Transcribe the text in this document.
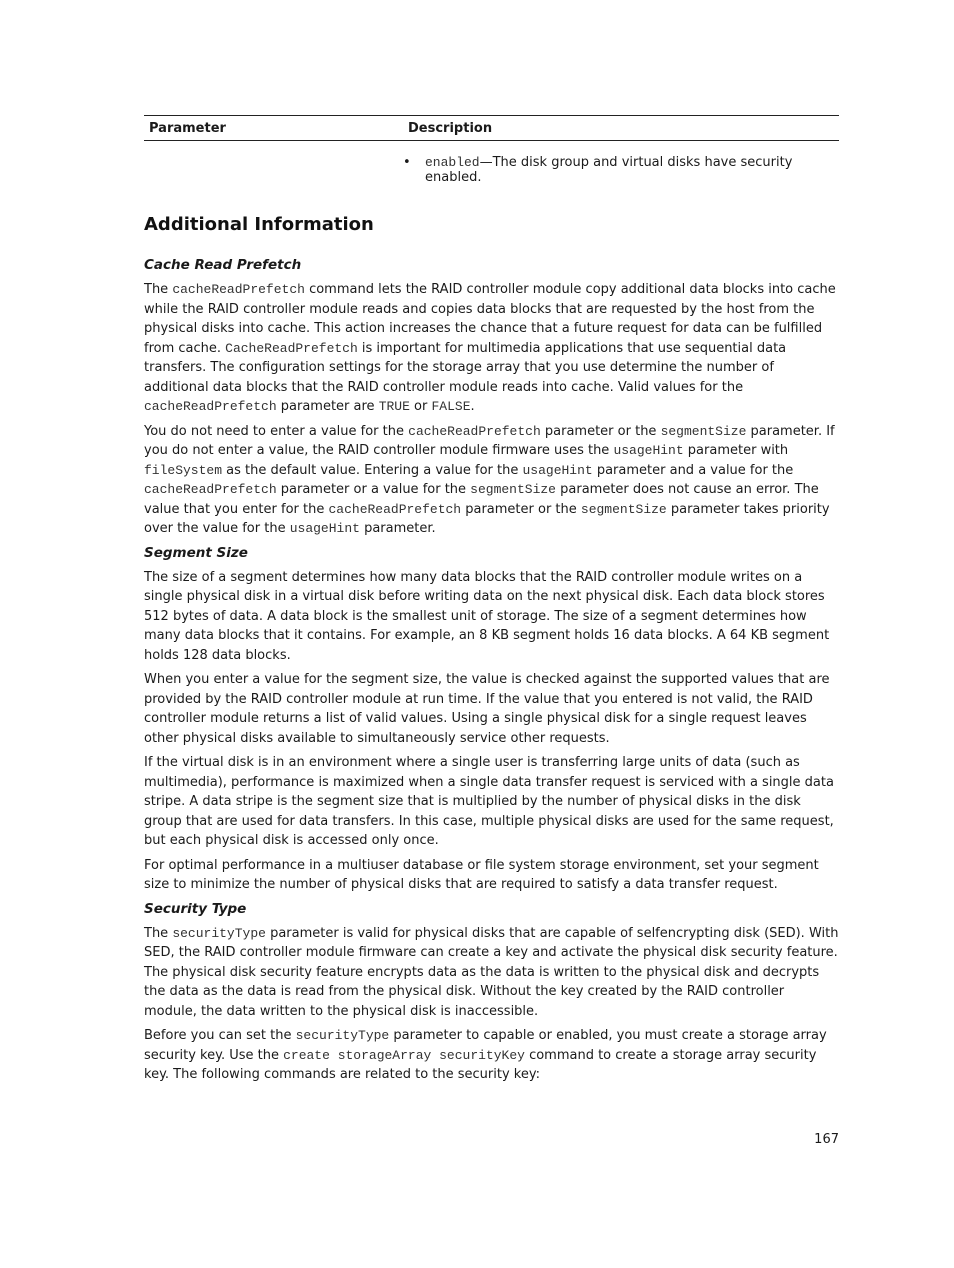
Parameter	Description
• enabled—The disk group and virtual disks have security enabled.
Additional Information
Cache Read Prefetch

The cacheReadPrefetch command lets the RAID controller module copy additional data blocks into cache while the RAID controller module reads and copies data blocks that are requested by the host from the physical disks into cache. This action increases the chance that a future request for data can be fulfilled from cache. CacheReadPrefetch is important for multimedia applications that use sequential data transfers. The configuration settings for the storage array that you use determine the number of additional data blocks that the RAID controller module reads into cache. Valid values for the cacheReadPrefetch parameter are TRUE or FALSE.

You do not need to enter a value for the cacheReadPrefetch parameter or the segmentSize parameter. If you do not enter a value, the RAID controller module firmware uses the usageHint parameter with fileSystem as the default value. Entering a value for the usageHint parameter and a value for the cacheReadPrefetch parameter or a value for the segmentSize parameter does not cause an error. The value that you enter for the cacheReadPrefetch parameter or the segmentSize parameter takes priority over the value for the usageHint parameter.

Segment Size

The size of a segment determines how many data blocks that the RAID controller module writes on a single physical disk in a virtual disk before writing data on the next physical disk. Each data block stores 512 bytes of data. A data block is the smallest unit of storage. The size of a segment determines how many data blocks that it contains. For example, an 8 KB segment holds 16 data blocks. A 64 KB segment holds 128 data blocks.

When you enter a value for the segment size, the value is checked against the supported values that are provided by the RAID controller module at run time. If the value that you entered is not valid, the RAID controller module returns a list of valid values. Using a single physical disk for a single request leaves other physical disks available to simultaneously service other requests.

If the virtual disk is in an environment where a single user is transferring large units of data (such as multimedia), performance is maximized when a single data transfer request is serviced with a single data stripe. A data stripe is the segment size that is multiplied by the number of physical disks in the disk group that are used for data transfers. In this case, multiple physical disks are used for the same request, but each physical disk is accessed only once.

For optimal performance in a multiuser database or file system storage environment, set your segment size to minimize the number of physical disks that are required to satisfy a data transfer request.

Security Type

The securityType parameter is valid for physical disks that are capable of selfencrypting disk (SED). With SED, the RAID controller module firmware can create a key and activate the physical disk security feature. The physical disk security feature encrypts data as the data is written to the physical disk and decrypts the data as the data is read from the physical disk. Without the key created by the RAID controller module, the data written to the physical disk is inaccessible.

Before you can set the securityType parameter to capable or enabled, you must create a storage array security key. Use the create storageArray securityKey command to create a storage array security key. The following commands are related to the security key:

167
